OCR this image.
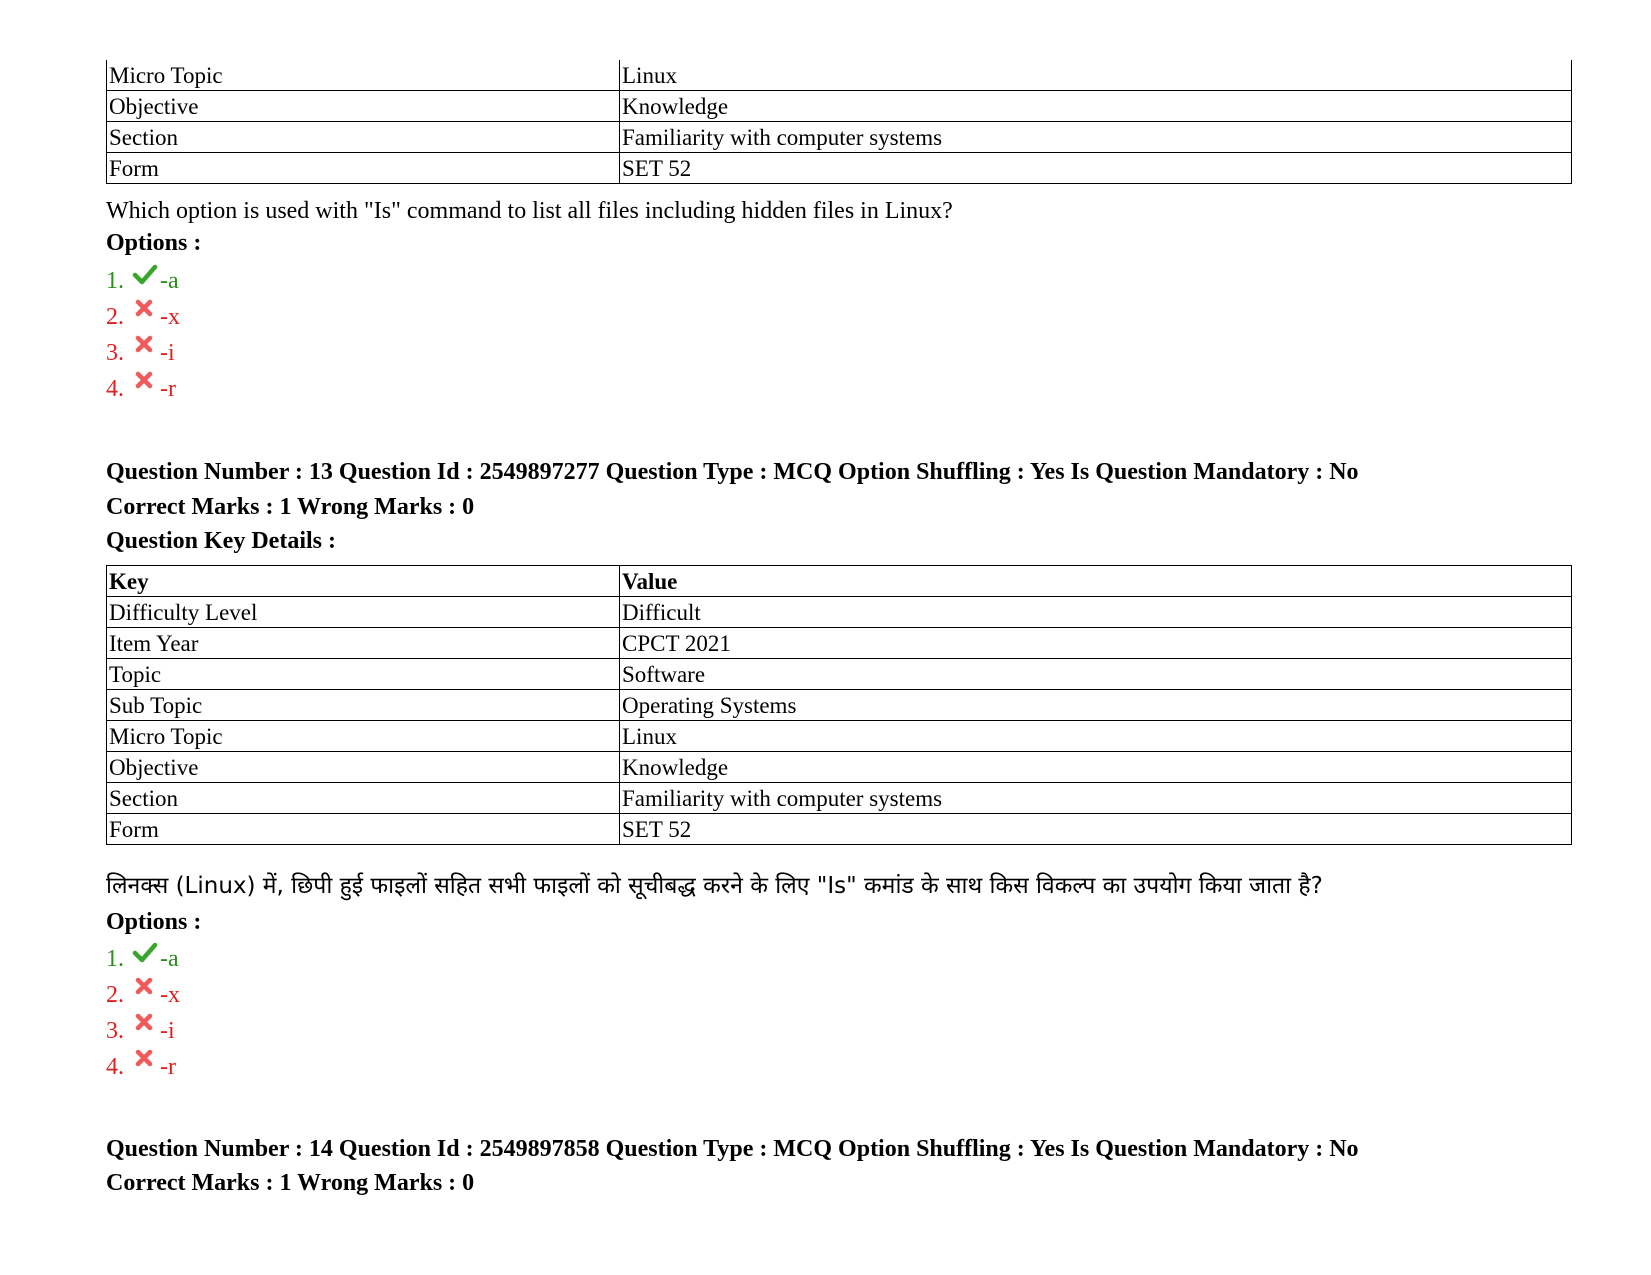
Micro Topic	Linux
Objective	Knowledge
Section	Familiarity with computer systems
Form	SET 52
Which option is used with "Is" command to list all files including hidden files in Linux?
Options :
1. -a
2. -x
3. -i
4. -r
Question Number : 13 Question Id : 2549897277 Question Type : MCQ Option Shuffling : Yes Is Question Mandatory : No
Correct Marks : 1 Wrong Marks : 0
Question Key Details :
Key	Value
Difficulty Level	Difficult
Item Year	CPCT 2021
Topic	Software
Sub Topic	Operating Systems
Micro Topic	Linux
Objective	Knowledge
Section	Familiarity with computer systems
Form	SET 52
लिनक्स (Linux) में, छिपी हुई फाइलों सहित सभी फाइलों को सूचीबद्ध करने के लिए "Is" कमांड के साथ किस विकल्प का उपयोग किया जाता है?
Options :
1. -a
2. -x
3. -i
4. -r
Question Number : 14 Question Id : 2549897858 Question Type : MCQ Option Shuffling : Yes Is Question Mandatory : No
Correct Marks : 1 Wrong Marks : 0
